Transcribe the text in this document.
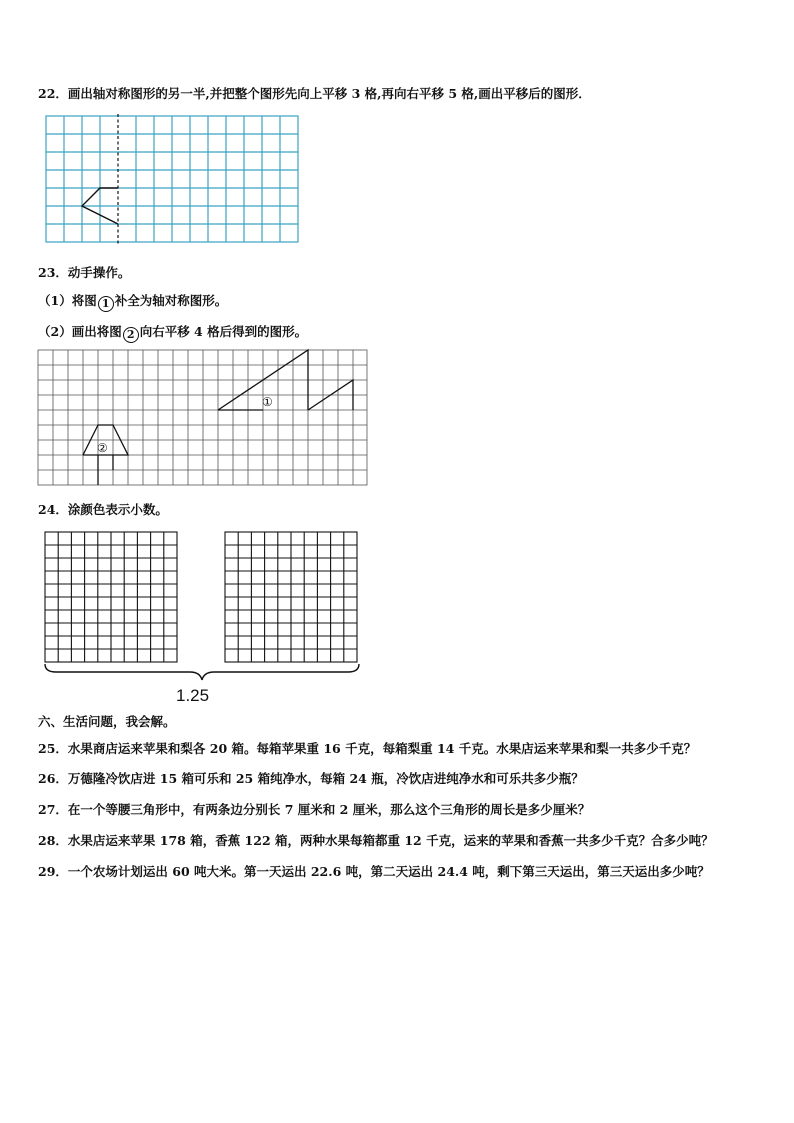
22．画出轴对称图形的另一半,并把整个图形先向上平移 3 格,再向右平移 5 格,画出平移后的图形．
23．动手操作。
（1）将图 1 补全为轴对称图形。
（2）画出将图 2 向右平移 4 格后得到的图形。
①
②
24．涂颜色表示小数。
1.25
六、生活问题，我会解。
25．水果商店运来苹果和梨各 20 箱。每箱苹果重 16 千克，每箱梨重 14 千克。水果店运来苹果和梨一共多少千克？
26．万德隆冷饮店进 15 箱可乐和 25 箱纯净水，每箱 24 瓶，冷饮店进纯净水和可乐共多少瓶？
27．在一个等腰三角形中，有两条边分别长 7 厘米和 2 厘米，那么这个三角形的周长是多少厘米？
28．水果店运来苹果 178 箱，香蕉 122 箱，两种水果每箱都重 12 千克，运来的苹果和香蕉一共多少千克？合多少吨？
29．一个农场计划运出 60 吨大米。第一天运出 22.6 吨，第二天运出 24.4 吨，剩下第三天运出，第三天运出多少吨？
